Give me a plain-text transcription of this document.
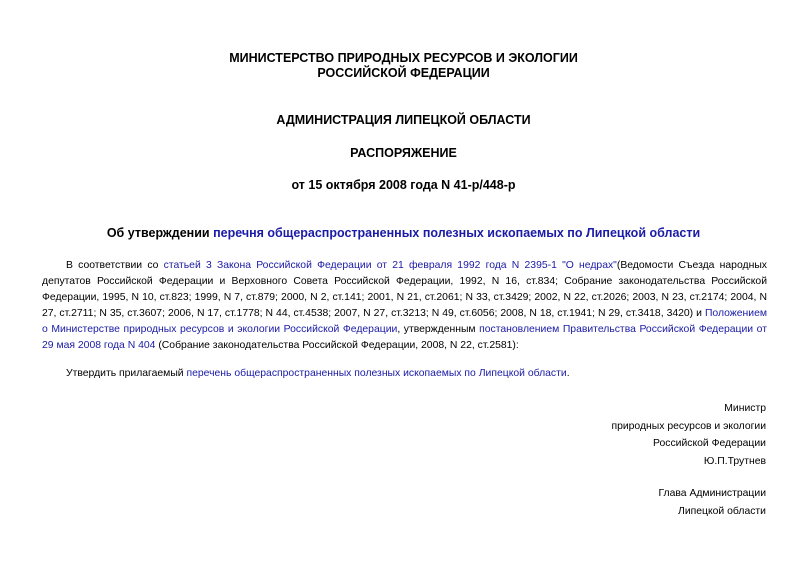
МИНИСТЕРСТВО ПРИРОДНЫХ РЕСУРСОВ И ЭКОЛОГИИ
РОССИЙСКОЙ ФЕДЕРАЦИИ
АДМИНИСТРАЦИЯ ЛИПЕЦКОЙ ОБЛАСТИ
РАСПОРЯЖЕНИЕ
от 15 октября 2008 года N 41-р/448-р
Об утверждении перечня общераспространенных полезных ископаемых по Липецкой области

В соответствии со статьей 3 Закона Российской Федерации от 21 февраля 1992 года N 2395-1 "О недрах"(Ведомости Съезда народных депутатов Российской Федерации и Верховного Совета Российской Федерации, 1992, N 16, ст.834; Собрание законодательства Российской Федерации, 1995, N 10, ст.823; 1999, N 7, ст.879; 2000, N 2, ст.141; 2001, N 21, ст.2061; N 33, ст.3429; 2002, N 22, ст.2026; 2003, N 23, ст.2174; 2004, N 27, ст.2711; N 35, ст.3607; 2006, N 17, ст.1778; N 44, ст.4538; 2007, N 27, ст.3213; N 49, ст.6056; 2008, N 18, ст.1941; N 29, ст.3418, 3420) и Положением о Министерстве природных ресурсов и экологии Российской Федерации, утвержденным постановлением Правительства Российской Федерации от 29 мая 2008 года N 404 (Собрание законодательства Российской Федерации, 2008, N 22, ст.2581):

Утвердить прилагаемый перечень общераспространенных полезных ископаемых по Липецкой области.

Министр
природных ресурсов и экологии
Российской Федерации
Ю.П.Трутнев
Глава Администрации
Липецкой области
